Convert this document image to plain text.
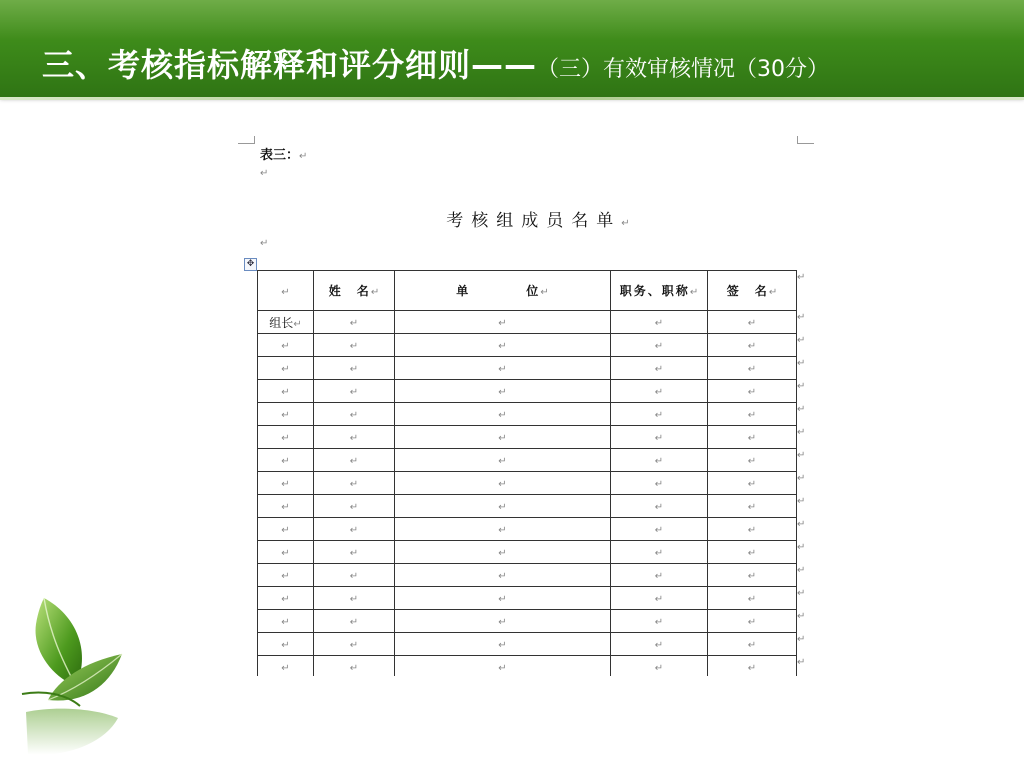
三、考核指标解释和评分细则——（三）有效审核情况（30分）
表三：↵
↵
考核组成员名单↵
↵
✥
↵	姓　名↵	单　　　　位↵	职务、职称↵	签　名↵
组长↵	↵	↵	↵	↵
↵	↵	↵	↵	↵
↵	↵	↵	↵	↵
↵	↵	↵	↵	↵
↵	↵	↵	↵	↵
↵	↵	↵	↵	↵
↵	↵	↵	↵	↵
↵	↵	↵	↵	↵
↵	↵	↵	↵	↵
↵	↵	↵	↵	↵
↵	↵	↵	↵	↵
↵	↵	↵	↵	↵
↵	↵	↵	↵	↵
↵	↵	↵	↵	↵
↵	↵	↵	↵	↵
↵	↵	↵	↵	↵
↵
↵
↵
↵
↵
↵
↵
↵
↵
↵
↵
↵
↵
↵
↵
↵
↵
